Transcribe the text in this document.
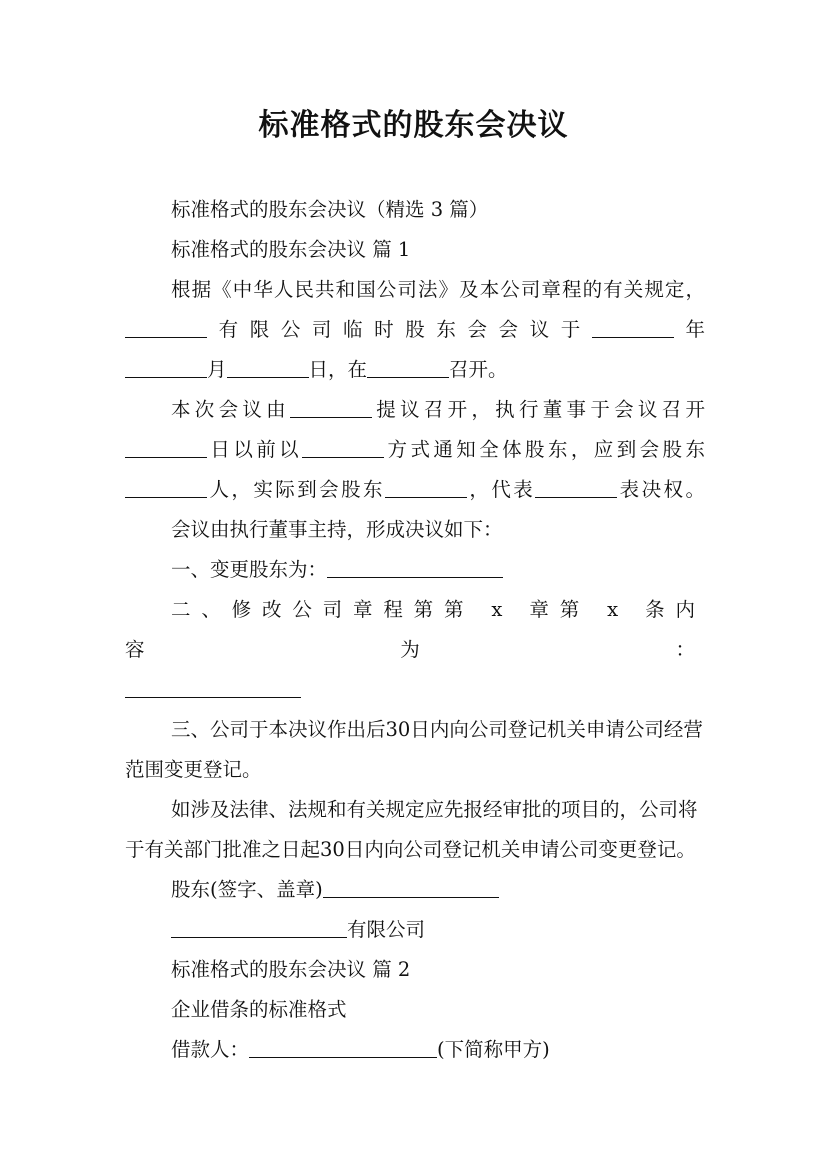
标准格式的股东会决议

标准格式的股东会决议（精选 3 篇）

标准格式的股东会决议 篇 1

根据《中华人民共和国公司法》及本公司章程的有关规定，有限公司临时股东会会议于	年

月	日，在	召开。

本次会议由	提议召开，执行董事于会议召开

日以前以	方式通知全体股东，应到会股东

人，实际到会股东	，代表	表决权。

会议由执行董事主持，形成决议如下：

一、变更股东为：

二、修改公司章程第第 x 章第 x 条内容为：

三、公司于本决议作出后30日内向公司登记机关申请公司经营范围变更登记。

如涉及法律、法规和有关规定应先报经审批的项目的，公司将于有关部门批准之日起30日内向公司登记机关申请公司变更登记。

股东(签字、盖章)

有限公司

标准格式的股东会决议 篇 2

企业借条的标准格式

借款人：	(下简称甲方)
